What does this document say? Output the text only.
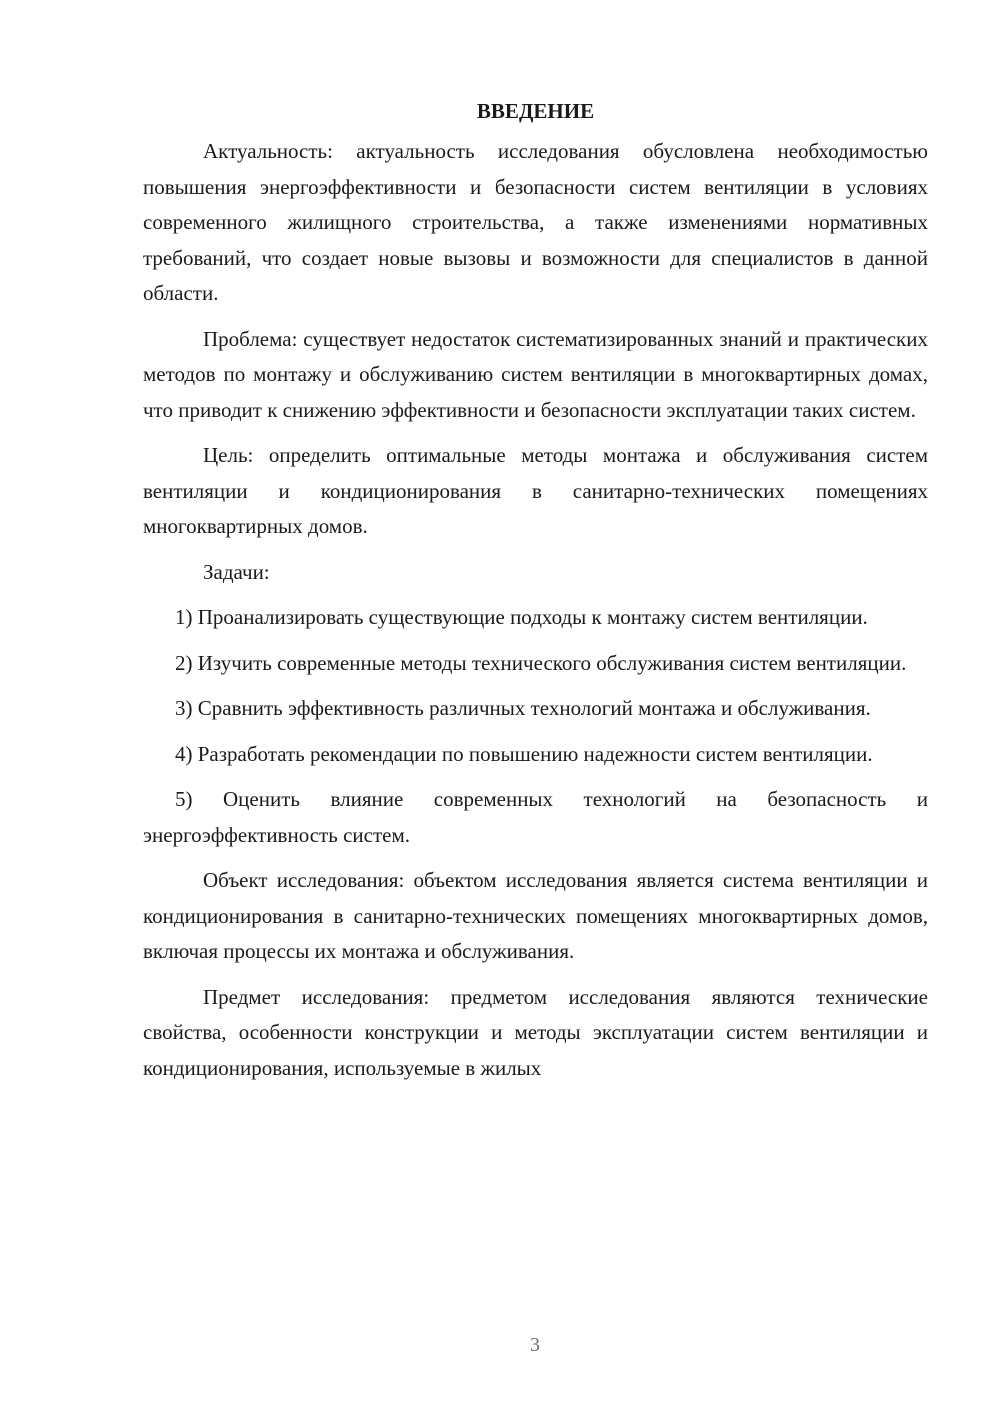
ВВЕДЕНИЕ

Актуальность: актуальность исследования обусловлена необходимостью повышения энергоэффективности и безопасности систем вентиляции в условиях современного жилищного строительства, а также изменениями нормативных требований, что создает новые вызовы и возможности для специалистов в данной области.

Проблема: существует недостаток систематизированных знаний и практических методов по монтажу и обслуживанию систем вентиляции в многоквартирных домах, что приводит к снижению эффективности и безопасности эксплуатации таких систем.

Цель: определить оптимальные методы монтажа и обслуживания систем вентиляции и кондиционирования в санитарно-технических помещениях многоквартирных домов.

Задачи:

1) Проанализировать существующие подходы к монтажу систем вентиляции.

2) Изучить современные методы технического обслуживания систем вентиляции.

3) Сравнить эффективность различных технологий монтажа и обслуживания.

4) Разработать рекомендации по повышению надежности систем вентиляции.

5) Оценить влияние современных технологий на безопасность и энергоэффективность систем.

Объект исследования: объектом исследования является система вентиляции и кондиционирования в санитарно-технических помещениях многоквартирных домов, включая процессы их монтажа и обслуживания.

Предмет исследования: предметом исследования являются технические свойства, особенности конструкции и методы эксплуатации систем вентиляции и кондиционирования, используемые в жилых

3
